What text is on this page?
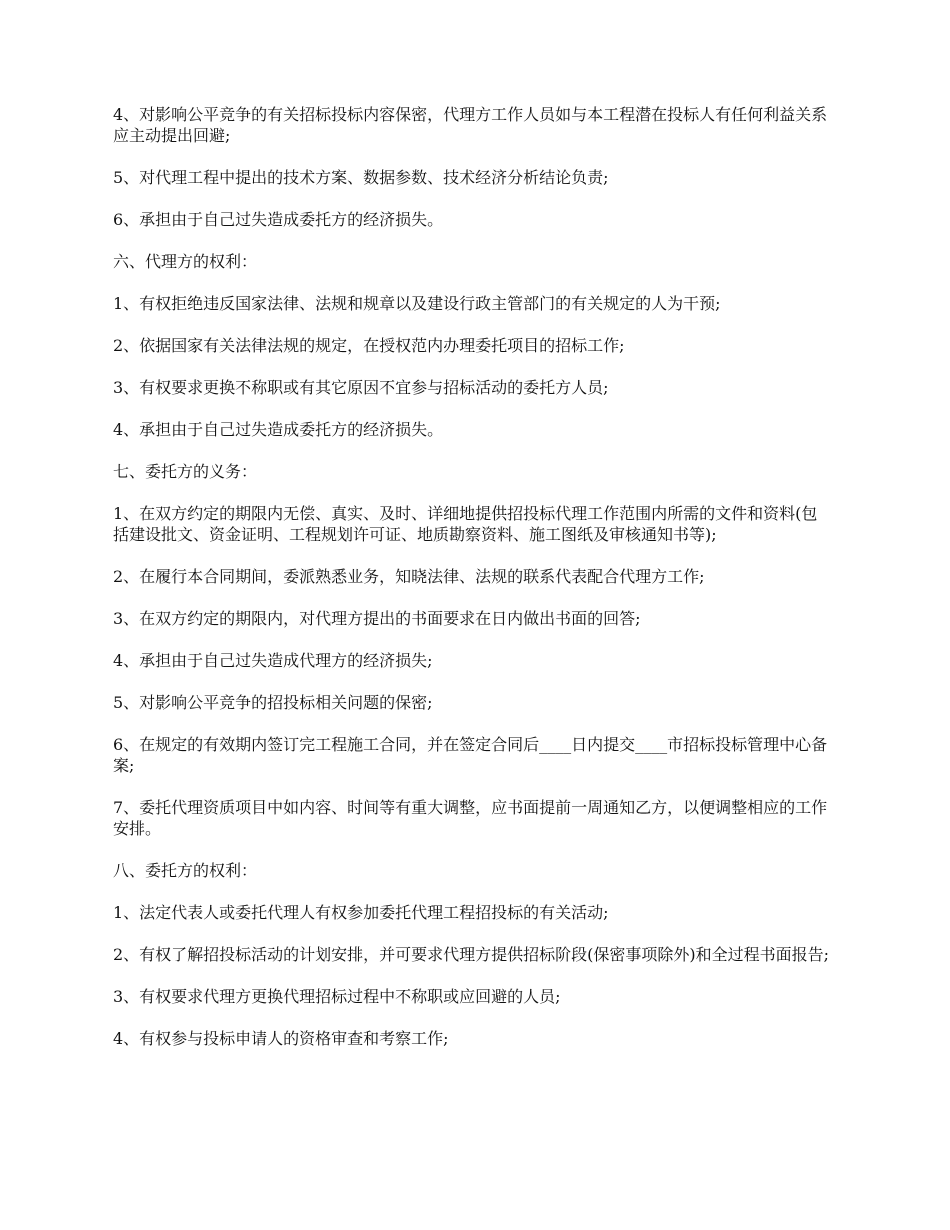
4、对影响公平竞争的有关招标投标内容保密，代理方工作人员如与本工程潜在投标人有任何利益关系应主动提出回避;

5、对代理工程中提出的技术方案、数据参数、技术经济分析结论负责;

6、承担由于自己过失造成委托方的经济损失。

六、代理方的权利：

1、有权拒绝违反国家法律、法规和规章以及建设行政主管部门的有关规定的人为干预;

2、依据国家有关法律法规的规定，在授权范内办理委托项目的招标工作;

3、有权要求更换不称职或有其它原因不宜参与招标活动的委托方人员;

4、承担由于自己过失造成委托方的经济损失。

七、委托方的义务：

1、在双方约定的期限内无偿、真实、及时、详细地提供招投标代理工作范围内所需的文件和资料(包括建设批文、资金证明、工程规划许可证、地质勘察资料、施工图纸及审核通知书等);

2、在履行本合同期间，委派熟悉业务，知晓法律、法规的联系代表配合代理方工作;

3、在双方约定的期限内，对代理方提出的书面要求在日内做出书面的回答;

4、承担由于自己过失造成代理方的经济损失;

5、对影响公平竞争的招投标相关问题的保密;

6、在规定的有效期内签订完工程施工合同，并在签定合同后____日内提交____市招标投标管理中心备案;

7、委托代理资质项目中如内容、时间等有重大调整，应书面提前一周通知乙方，以便调整相应的工作安排。

八、委托方的权利：

1、法定代表人或委托代理人有权参加委托代理工程招投标的有关活动;

2、有权了解招投标活动的计划安排，并可要求代理方提供招标阶段(保密事项除外)和全过程书面报告;

3、有权要求代理方更换代理招标过程中不称职或应回避的人员;

4、有权参与投标申请人的资格审查和考察工作;
